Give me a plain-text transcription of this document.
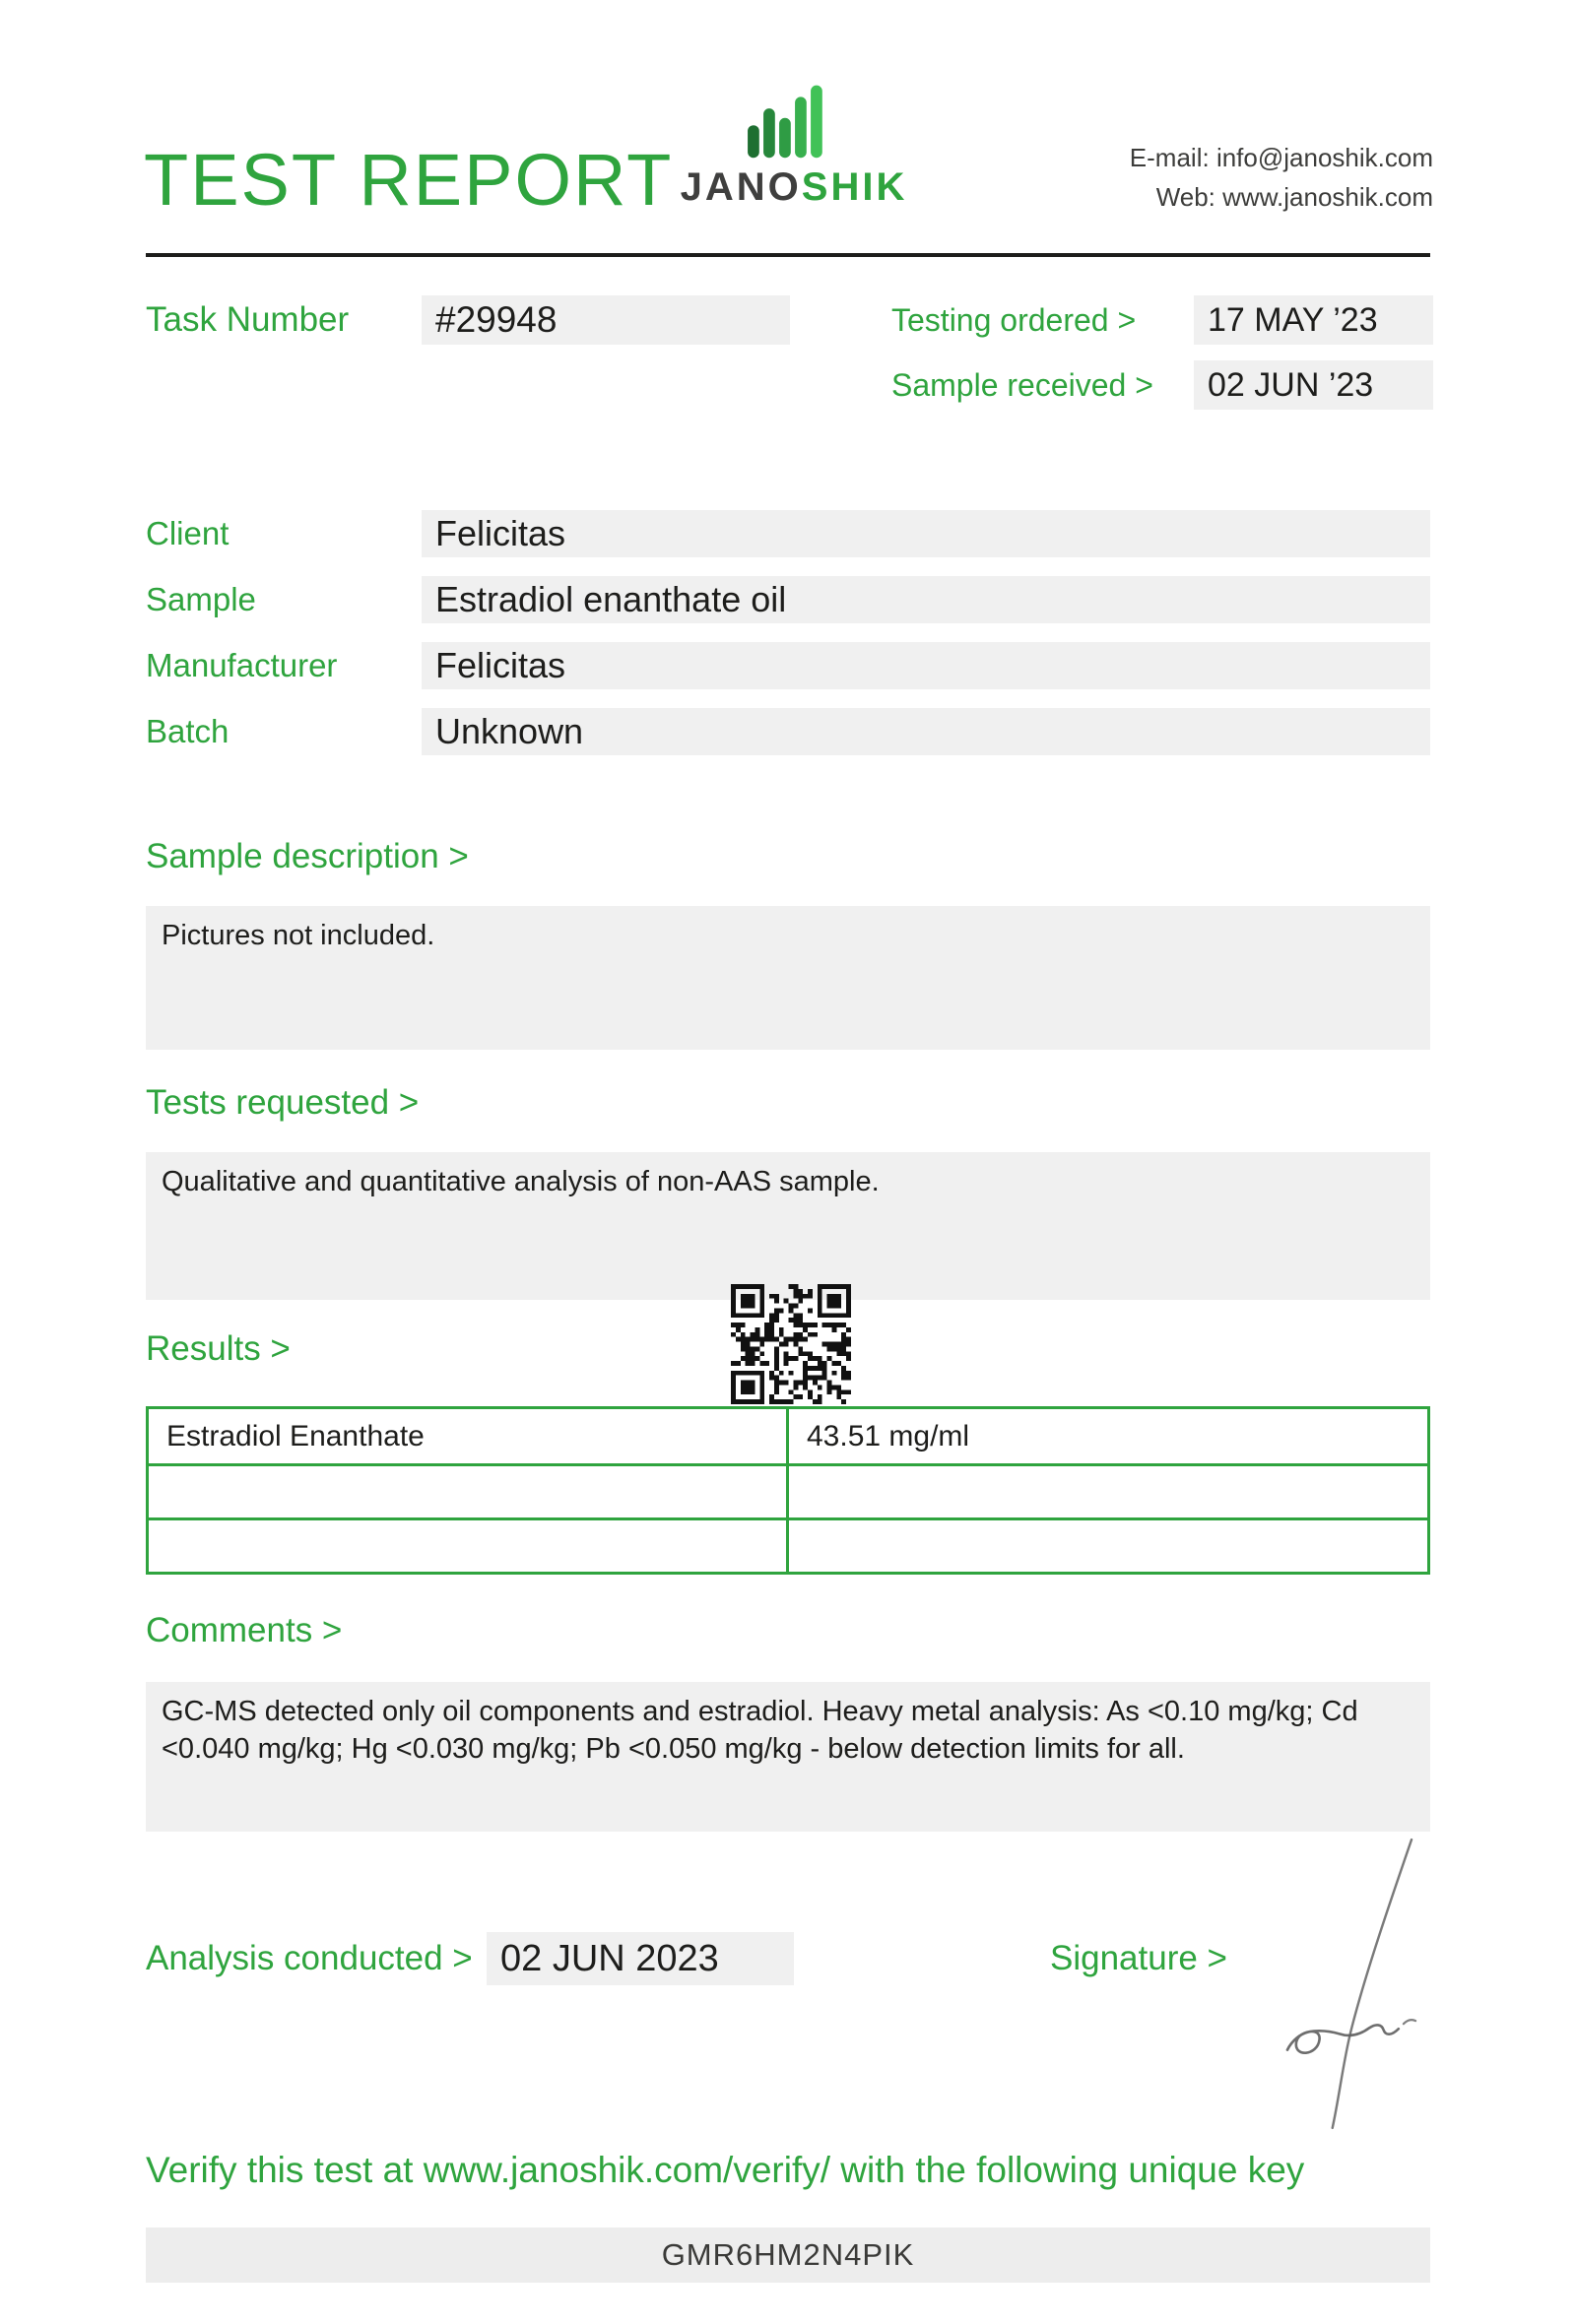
TEST REPORT JANOSHIK
E-mail: info@janoshik.com
Web: www.janoshik.com
Task Number	#29948	Testing ordered >	17 MAY ’23
Sample received >	02 JUN ’23
Client	Felicitas
Sample	Estradiol enanthate oil
Manufacturer	Felicitas
Batch	Unknown
Sample description >
Pictures not included.
Tests requested >
Qualitative and quantitative analysis of non-AAS sample.
Results >
Estradiol Enanthate	43.51 mg/ml
Comments >
GC-MS detected only oil components and estradiol. Heavy metal analysis: As <0.10 mg/kg; Cd <0.040 mg/kg; Hg <0.030 mg/kg; Pb <0.050 mg/kg - below detection limits for all.
Analysis conducted > 02 JUN 2023	Signature >
Verify this test at www.janoshik.com/verify/ with the following unique key
GMR6HM2N4PIK
